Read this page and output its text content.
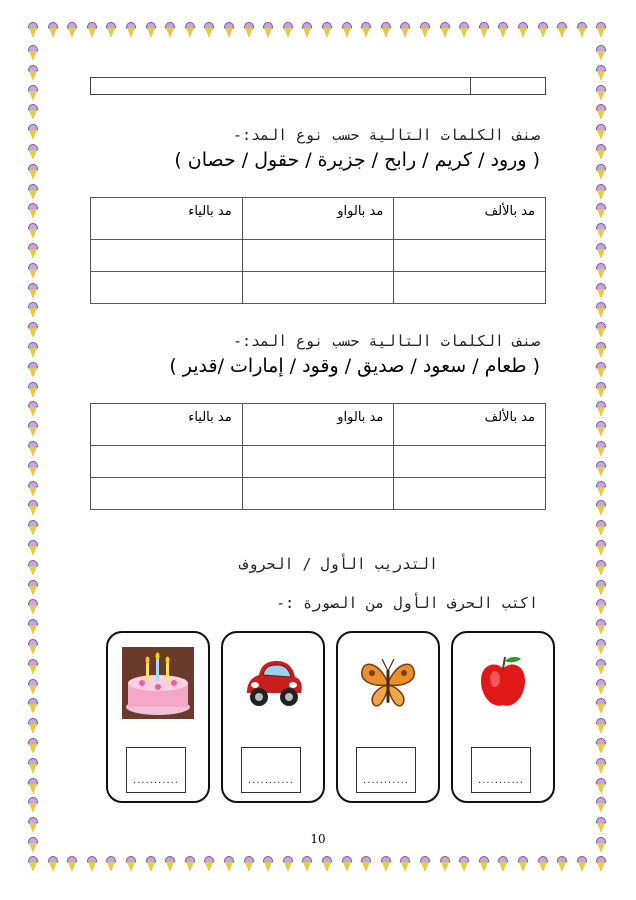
صنف الكلمات التالية حسب نوع المد:-
( ورود / كريم / رابح / جزيرة / حقول / حصان )
مد بالألف	مد بالواو	مد بالياء

صنف الكلمات التالية حسب نوع المد:-
( طعام / سعود / صديق / وقود / إمارات /قدير )
مد بالألف	مد بالواو	مد بالياء

التدريب الأول / الحروف
اكتب الحرف الأول من الصورة :-
...........
...........
...........
...........
10
